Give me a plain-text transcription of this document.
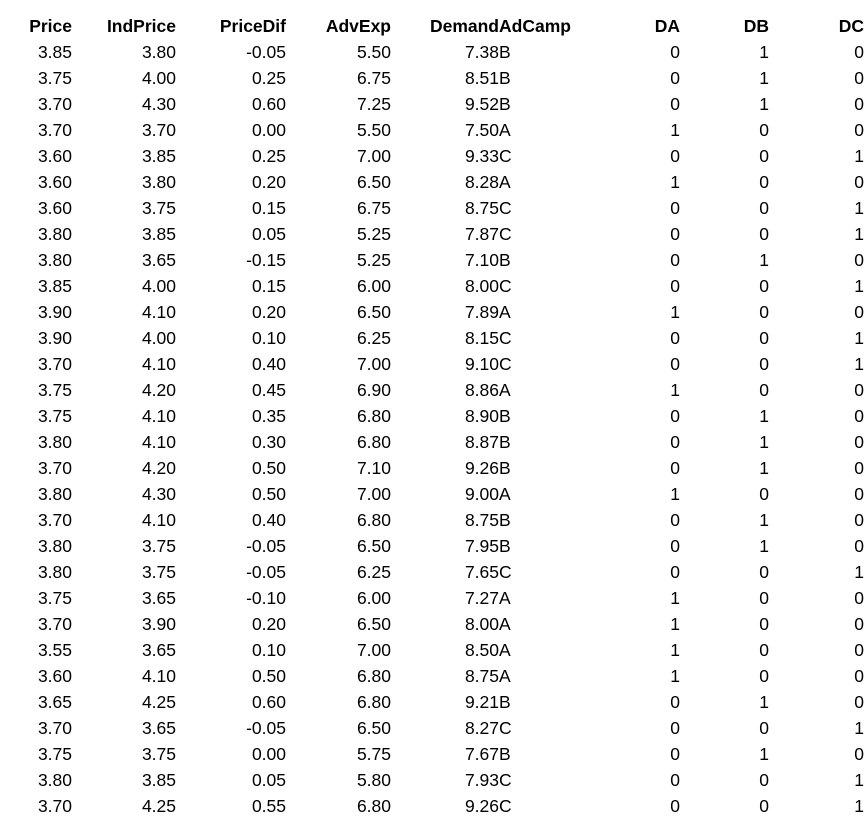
Price	IndPrice	PriceDif	AdvExp	Demand	AdCamp	DA	DB	DC
3.85	3.80	-0.05	5.50	7.38	B	0	1	0
3.75	4.00	0.25	6.75	8.51	B	0	1	0
3.70	4.30	0.60	7.25	9.52	B	0	1	0
3.70	3.70	0.00	5.50	7.50	A	1	0	0
3.60	3.85	0.25	7.00	9.33	C	0	0	1
3.60	3.80	0.20	6.50	8.28	A	1	0	0
3.60	3.75	0.15	6.75	8.75	C	0	0	1
3.80	3.85	0.05	5.25	7.87	C	0	0	1
3.80	3.65	-0.15	5.25	7.10	B	0	1	0
3.85	4.00	0.15	6.00	8.00	C	0	0	1
3.90	4.10	0.20	6.50	7.89	A	1	0	0
3.90	4.00	0.10	6.25	8.15	C	0	0	1
3.70	4.10	0.40	7.00	9.10	C	0	0	1
3.75	4.20	0.45	6.90	8.86	A	1	0	0
3.75	4.10	0.35	6.80	8.90	B	0	1	0
3.80	4.10	0.30	6.80	8.87	B	0	1	0
3.70	4.20	0.50	7.10	9.26	B	0	1	0
3.80	4.30	0.50	7.00	9.00	A	1	0	0
3.70	4.10	0.40	6.80	8.75	B	0	1	0
3.80	3.75	-0.05	6.50	7.95	B	0	1	0
3.80	3.75	-0.05	6.25	7.65	C	0	0	1
3.75	3.65	-0.10	6.00	7.27	A	1	0	0
3.70	3.90	0.20	6.50	8.00	A	1	0	0
3.55	3.65	0.10	7.00	8.50	A	1	0	0
3.60	4.10	0.50	6.80	8.75	A	1	0	0
3.65	4.25	0.60	6.80	9.21	B	0	1	0
3.70	3.65	-0.05	6.50	8.27	C	0	0	1
3.75	3.75	0.00	5.75	7.67	B	0	1	0
3.80	3.85	0.05	5.80	7.93	C	0	0	1
3.70	4.25	0.55	6.80	9.26	C	0	0	1
